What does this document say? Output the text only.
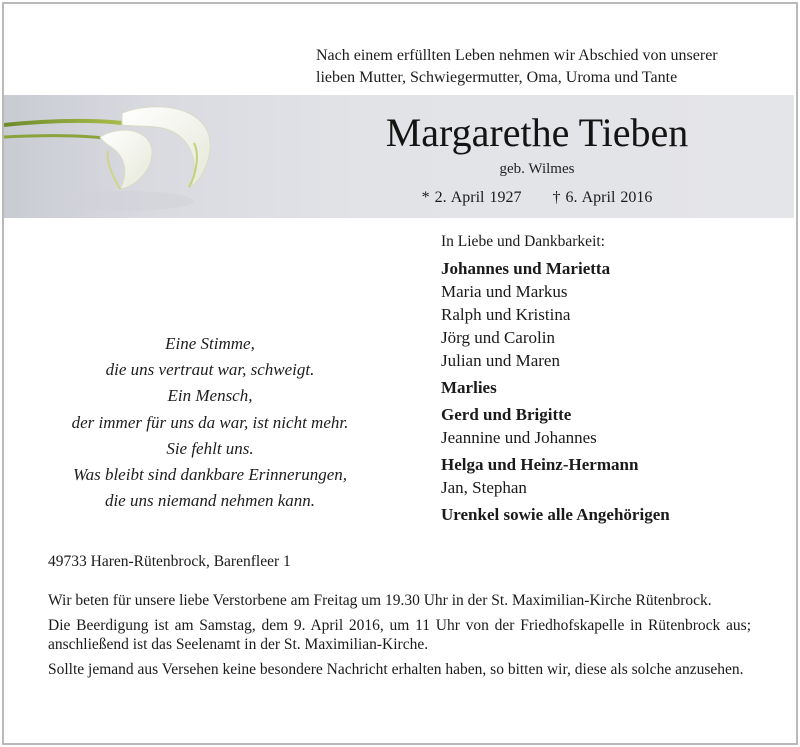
Nach einem erfüllten Leben nehmen wir Abschied von unserer
lieben Mutter, Schwiegermutter, Oma, Uroma und Tante
Margarethe Tieben
geb. Wilmes
* 2. April 1927 † 6. April 2016
Eine Stimme,
die uns vertraut war, schweigt.
Ein Mensch,
der immer für uns da war, ist nicht mehr.
Sie fehlt uns.
Was bleibt sind dankbare Erinnerungen,
die uns niemand nehmen kann.
In Liebe und Dankbarkeit:
Johannes und Marietta
Maria und Markus
Ralph und Kristina
Jörg und Carolin
Julian und Maren
Marlies
Gerd und Brigitte
Jeannine und Johannes
Helga und Heinz-Hermann
Jan, Stephan
Urenkel sowie alle Angehörigen
49733 Haren-Rütenbrock, Barenfleer 1

Wir beten für unsere liebe Verstorbene am Freitag um 19.30 Uhr in der St. Maximilian-Kirche Rütenbrock.

Die Beerdigung ist am Samstag, dem 9. April 2016, um 11 Uhr von der Friedhofskapelle in Rütenbrock aus; anschließend ist das Seelenamt in der St. Maximilian-Kirche.

Sollte jemand aus Versehen keine besondere Nachricht erhalten haben, so bitten wir, diese als solche anzusehen.
